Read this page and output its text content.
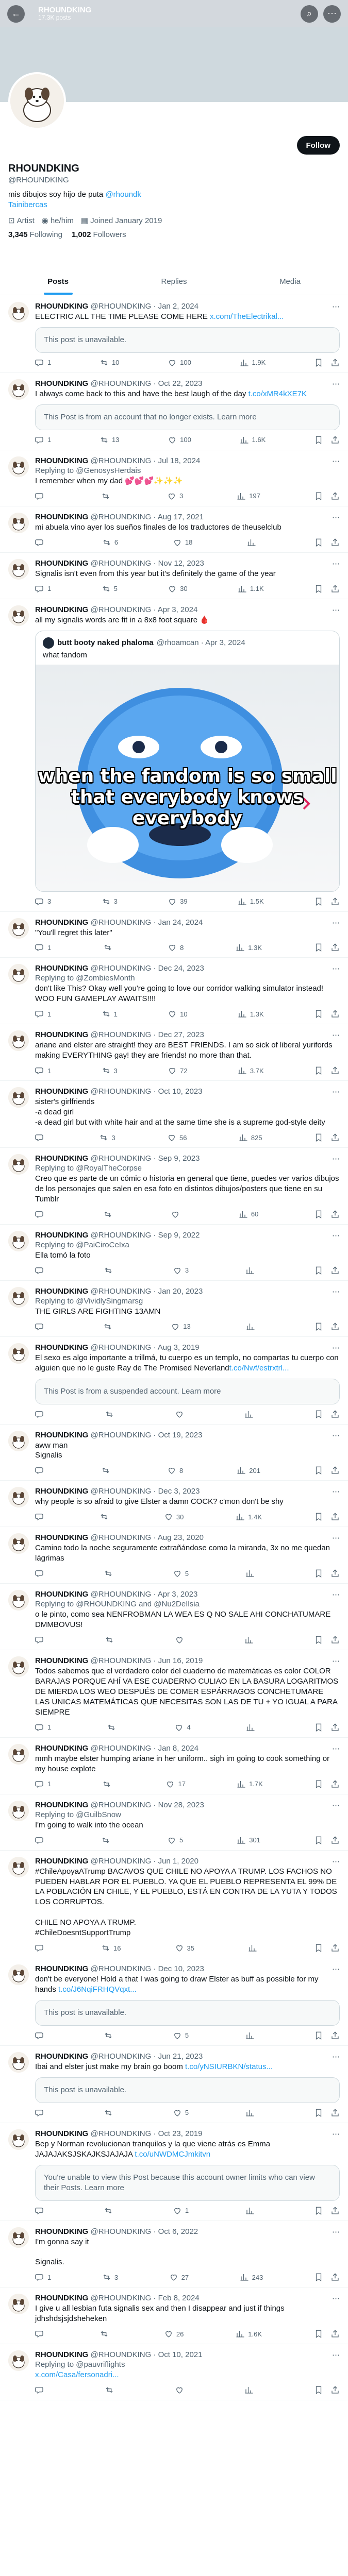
← RHOUNDKING
17.3K posts	⌕ ⋯
Follow
RHOUNDKING
@RHOUNDKING
mis dibujos soy hijo de puta @rhoundk
Tainibercas
⊡ Artist ◉ he/him ▦ Joined January 2019
3,345 Following 1,002 Followers
Posts	Replies	Media
RHOUNDKING @RHOUNDKING · Jan 2, 2024
ELECTRIC ALL THE TIME PLEASE COME HERE x.com/TheElectrikal...
This post is unavailable.
1	10	100	1.9K
⋯
RHOUNDKING @RHOUNDKING · Oct 22, 2023
I always come back to this and have the best laugh of the day t.co/xMR4kXE7K
This Post is from an account that no longer exists. Learn more
1	13	100	1.6K
⋯
RHOUNDKING @RHOUNDKING · Jul 18, 2024
Replying to @GenosysHerdais
I remember when my dad 💕💕💕✨✨✨
3	197
⋯
RHOUNDKING @RHOUNDKING · Aug 17, 2021
mi abuela vino ayer los sueños finales de los traductores de theuselclub
6	18
⋯
RHOUNDKING @RHOUNDKING · Nov 12, 2023
Signalis isn't even from this year but it's definitely the game of the year
1	5	30	1.1K
⋯
RHOUNDKING @RHOUNDKING · Apr 3, 2024
all my signalis words are fit in a 8x8 foot square 🩸
butt booty naked phaloma @rhoamcan · Apr 3, 2024
what fandom
when the fandom is so small that everybody knows everybody
3	3	39	1.5K
⋯
RHOUNDKING @RHOUNDKING · Jan 24, 2024
"You'll regret this later"
1	8	1.3K
⋯
RHOUNDKING @RHOUNDKING · Dec 24, 2023
Replying to @ZombiesMonth
don't like This? Okay well you're going to love our corridor walking simulator instead! WOO FUN GAMEPLAY AWAITS!!!!
1	1	10	1.3K
⋯
RHOUNDKING @RHOUNDKING · Dec 27, 2023
ariane and elster are straight! they are BEST FRIENDS. I am so sick of liberal yurifords making EVERYTHING gay! they are friends! no more than that.
1	3	72	3.7K
⋯
RHOUNDKING @RHOUNDKING · Oct 10, 2023
sister's girlfriends
-a dead girl
-a dead girl but with white hair and at the same time she is a supreme god-style deity
3	56	825
⋯
RHOUNDKING @RHOUNDKING · Sep 9, 2023
Replying to @RoyalTheCorpse
Creo que es parte de un cómic o historia en general que tiene, puedes ver varios dibujos de los personajes que salen en esa foto en distintos dibujos/posters que tiene en su Tumblr
60
⋯
RHOUNDKING @RHOUNDKING · Sep 9, 2022
Replying to @PaiCiroCeIxa
Ella tomó la foto
3
⋯
RHOUNDKING @RHOUNDKING · Jan 20, 2023
Replying to @VividlySingmarsg
THE GIRLS ARE FIGHTING 13AMN
13
⋯
RHOUNDKING @RHOUNDKING · Aug 3, 2019
El sexo es algo importante a trillmá, tu cuerpo es un templo, no compartas tu cuerpo con alguien que no le guste Ray de The Promised Neverlandt.co/Nwf/estrxtrl...
This Post is from a suspended account. Learn more
⋯
RHOUNDKING @RHOUNDKING · Oct 19, 2023
aww man
Signalis
8	201
⋯
RHOUNDKING @RHOUNDKING · Dec 3, 2023
why people is so afraid to give Elster a damn COCK? c'mon don't be shy
30	1.4K
⋯
RHOUNDKING @RHOUNDKING · Aug 23, 2020
Camino todo la noche seguramente extrañándose como la miranda, 3x no me quedan lágrimas
5
⋯
RHOUNDKING @RHOUNDKING · Apr 3, 2023
Replying to @RHOUNDKING and @Nu2DeIlsia
o le pinto, como sea NENFROBMAN LA WEA ES Q NO SALE AHI CONCHATUMARE DMMBOVUS!
⋯
RHOUNDKING @RHOUNDKING · Jun 16, 2019
Todos sabemos que el verdadero color del cuaderno de matemáticas es color COLOR BARAJAS PORQUE AHÍ VA ESE CUADERNO CULIAO EN LA BASURA LOGARITMOS DE MIERDA LOS WEO DESPUÉS DE COMER ESPÁRRAGOS CONCHETUMARE LAS UNICAS MATEMÁTICAS QUE NECESITAS SON LAS DE TU + YO IGUAL A PARA SIEMPRE
1	4
⋯
RHOUNDKING @RHOUNDKING · Jan 8, 2024
mmh maybe elster humping ariane in her uniform.. sigh im going to cook something or my house explote
1	17	1.7K
⋯
RHOUNDKING @RHOUNDKING · Nov 28, 2023
Replying to @GuilbSnow
I'm going to walk into the ocean
5	301
⋯
RHOUNDKING @RHOUNDKING · Jun 1, 2020
#ChileApoyaATrump BACAVOS QUE CHILE NO APOYA A TRUMP. LOS FACHOS NO PUEDEN HABLAR POR EL PUEBLO. YA QUE EL PUEBLO REPRESENTA EL 99% DE LA POBLACIÓN EN CHILE, Y EL PUEBLO, ESTÁ EN CONTRA DE LA YUTA Y TODOS LOS CORRUPTOS.

CHILE NO APOYA A TRUMP.
#ChileDoesntSupportTrump
16	35
⋯
RHOUNDKING @RHOUNDKING · Dec 10, 2023
don't be everyone! Hold a that I was going to draw Elster as buff as possible for my hands t.co/J6NqiFRHQVqxt...
This post is unavailable.
5
⋯
RHOUNDKING @RHOUNDKING · Jun 21, 2023
Ibai and elster just make my brain go boom t.co/yNSIURBKN/status...
This post is unavailable.
5
⋯
RHOUNDKING @RHOUNDKING · Oct 23, 2019
Bep y Norman revolucionan tranquilos y la que viene atrás es Emma JAJAJAKSJSKAJKSJAJAJA t.co/uNWDMCJmkitvn
You're unable to view this Post because this account owner limits who can view their Posts. Learn more
1
⋯
RHOUNDKING @RHOUNDKING · Oct 6, 2022
I'm gonna say it

Signalis.
1	3	27	243
⋯
RHOUNDKING @RHOUNDKING · Feb 8, 2024
I give u all lesbian futa signalis sex and then I disappear and just if things jdhshdsjsjdsheheken
26	1.6K
⋯
RHOUNDKING @RHOUNDKING · Oct 10, 2021
Replying to @pauvriflights
x.com/Casa/fersonadri...
⋯
